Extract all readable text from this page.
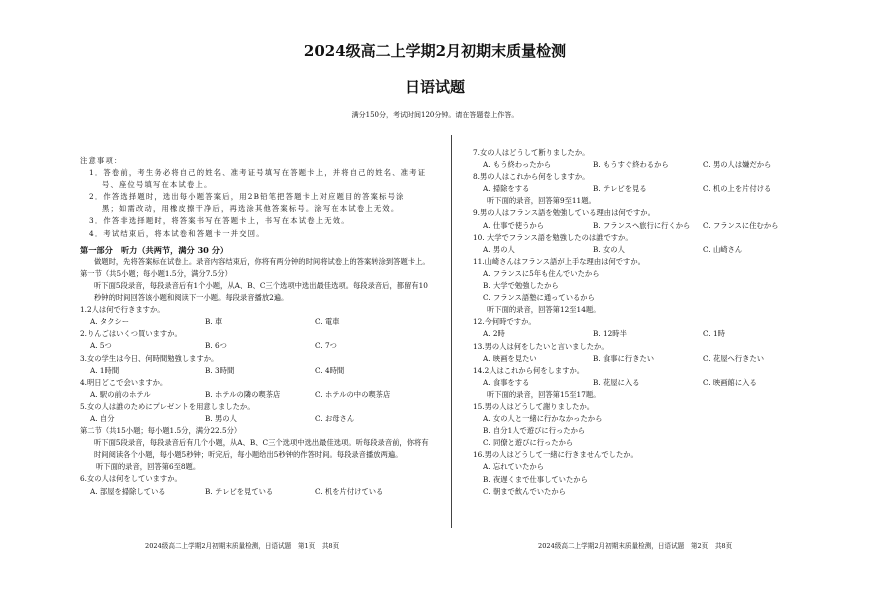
2024级高二上学期2月初期末质量检测
日语试题
满分150分，考试时间120分钟。请在答题卷上作答。
注意事项：
1．答卷前，考生务必将自己的姓名、准考证号填写在答题卡上，并将自己的姓名、准考证
号、座位号填写在本试卷上。
2．作答选择题时，选出每小题答案后，用2B铅笔把答题卡上对应题目的答案标号涂
黑；如需改动，用橡皮擦干净后，再选涂其他答案标号。涂写在本试卷上无效。
3．作答非选择题时，将答案书写在答题卡上，书写在本试卷上无效。
4．考试结束后，将本试卷和答题卡一并交回。
第一部分　听力（共两节，满分 30 分）
做题时，先将答案标在试卷上。录音内容结束后，你将有两分钟的时间将试卷上的答案转涂到答题卡上。
第一节（共5小题；每小题1.5分，满分7.5分）
听下面5段录音，每段录音后有1个小题，从A、B、C三个选项中选出最佳选项。每段录音后，都留有10秒钟的时间回答该小题和阅读下一小题。每段录音播放2遍。
1.2人は何で行きますか。
A. タクシー	B. 車	C. 電車
2.りんごはいくつ買いますか。
A. 5つ	B. 6つ	C. 7つ
3.女の学生は今日、何時間勉強しますか。
A. 1時間	B. 3時間	C. 4時間
4.明日どこで会いますか。
A. 駅の前のホテル	B. ホテルの隣の喫茶店	C. ホテルの中の喫茶店
5.女の人は誰のためにプレゼントを用意しましたか。
A. 自分	B. 男の人	C. お母さん
第二节（共15小题；每小题1.5分，满分22.5分）
听下面5段录音，每段录音后有几个小题，从A、B、C三个选项中选出最佳选项。听每段录音前，你将有时间阅读各个小题，每小题5秒钟；听完后，每小题给出5秒钟的作答时间。每段录音播放两遍。
听下面的录音，回答第6至8题。
6.女の人は何をしていますか。
A. 部屋を掃除している	B. テレビを見ている	C. 机を片付けている
7.女の人はどうして断りましたか。
A. もう終わったから	B. もうすぐ終わるから	C. 男の人は嫌だから
8.男の人はこれから何をしますか。
A. 掃除をする	B. テレビを見る	C. 机の上を片付ける
听下面的录音，回答第9至11题。
9.男の人はフランス語を勉強している理由は何ですか。
A. 仕事で使うから	B. フランスへ旅行に行くから	C. フランスに住むから
10. 大学でフランス語を勉強したのは誰ですか。
A. 男の人	B. 女の人	C. 山崎さん
11.山崎さんはフランス語が上手な理由は何ですか。
A. フランスに5年も住んでいたから
B. 大学で勉強したから
C. フランス語塾に通っているから
听下面的录音，回答第12至14题。
12.今何時ですか。
A. 2時	B. 12時半	C. 1時
13.男の人は何をしたいと言いましたか。
A. 映画を見たい	B. 食事に行きたい	C. 花屋へ行きたい
14.2人はこれから何をしますか。
A. 食事をする	B. 花屋に入る	C. 映画館に入る
听下面的录音，回答第15至17题。
15.男の人はどうして謝りましたか。
A. 女の人と一緒に行かなかったから
B. 自分1人で遊びに行ったから
C. 同僚と遊びに行ったから
16.男の人はどうして一緒に行きませんでしたか。
A. 忘れていたから
B. 夜遅くまで仕事していたから
C. 朝まで飲んでいたから
2024级高二上学期2月初期末质量检测，日语试题　第1页　共8页	2024级高二上学期2月初期末质量检测，日语试题　第2页　共8页
